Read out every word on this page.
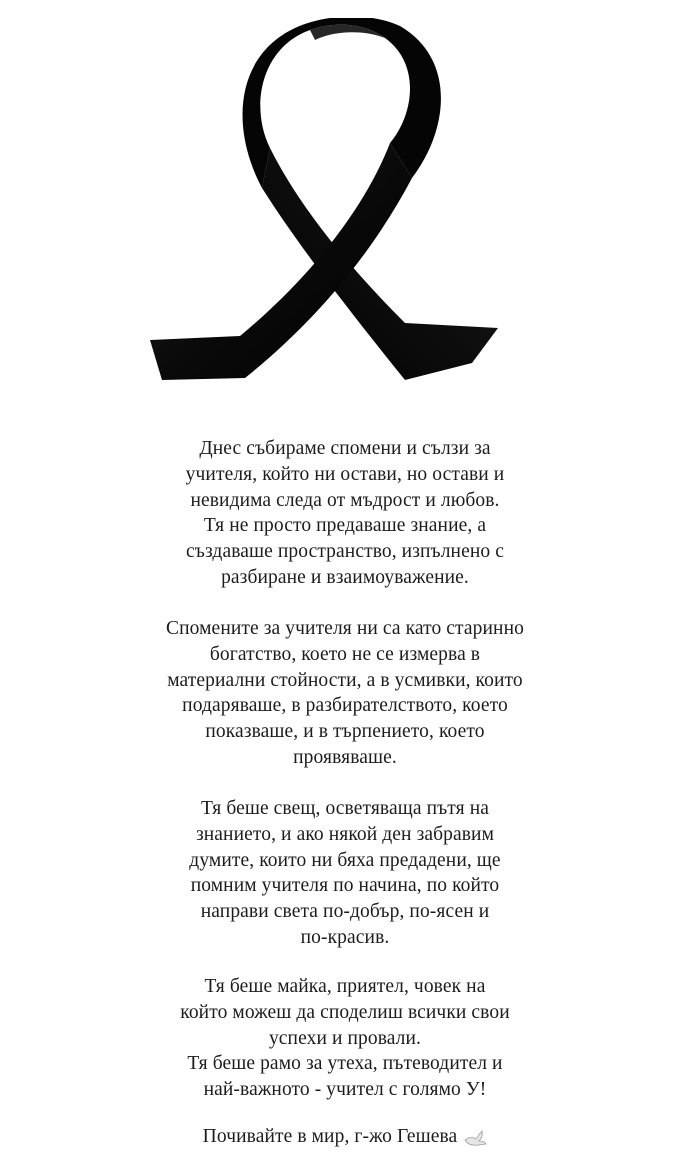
Днес събираме спомени и сълзи за
учителя, който ни остави, но остави и
невидима следа от мъдрост и любов.
Тя не просто предаваше знание, а
създаваше пространство, изпълнено с
разбиране и взаимоуважение.

Спомените за учителя ни са като старинно
богатство, което не се измерва в
материални стойности, а в усмивки, които
подаряваше, в разбирателството, което
показваше, и в търпението, което
проявяваше.

Тя беше свещ, осветяваща пътя на
знанието, и ако някой ден забравим
думите, които ни бяха предадени, ще
помним учителя по начина, по който
направи света по-добър, по-ясен и
по-красив.

Тя беше майка, приятел, човек на
който можеш да споделиш всички свои
успехи и провали.
Тя беше рамо за утеха, пътеводител и
най-важното - учител с голямо У!

Почивайте в мир, г-жо Гешева
